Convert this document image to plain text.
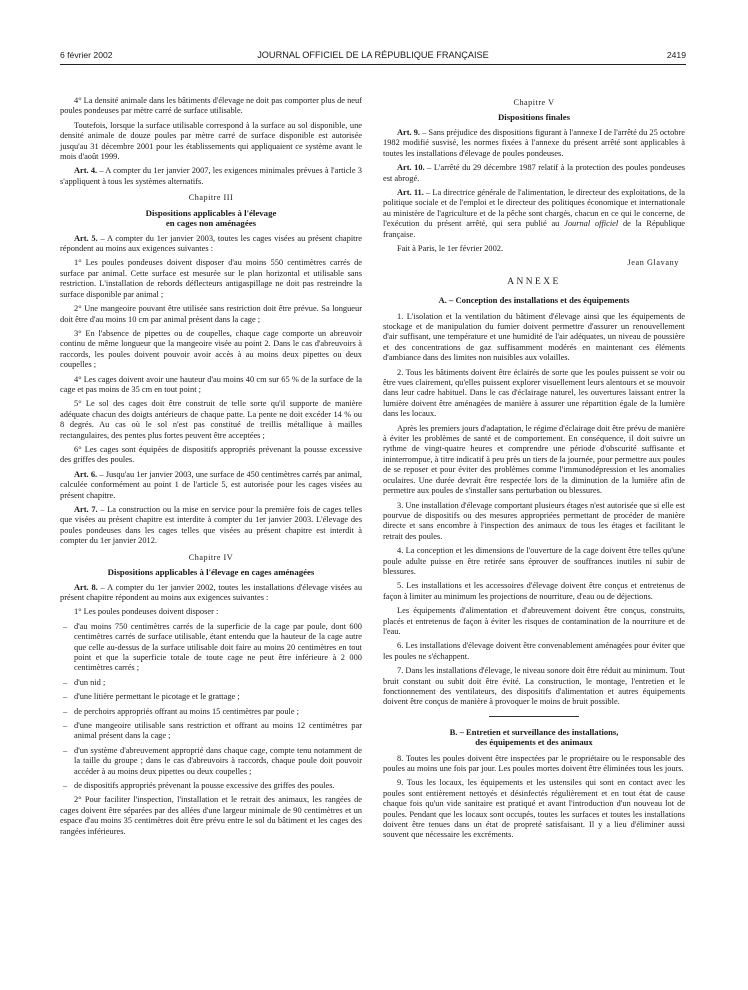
6 février 2002	JOURNAL OFFICIEL DE LA RÉPUBLIQUE FRANÇAISE	2419

4° La densité animale dans les bâtiments d'élevage ne doit pas comporter plus de neuf poules pondeuses par mètre carré de surface utilisable.

Toutefois, lorsque la surface utilisable correspond à la surface au sol disponible, une densité animale de douze poules par mètre carré de surface disponible est autorisée jusqu'au 31 décembre 2001 pour les établissements qui appliquaient ce système avant le mois d'août 1999.

Art. 4. – A compter du 1er janvier 2007, les exigences minimales prévues à l'article 3 s'appliquent à tous les systèmes alternatifs.

Chapitre III
Dispositions applicables à l'élevage
en cages non aménagées

Art. 5. – A compter du 1er janvier 2003, toutes les cages visées au présent chapitre répondent au moins aux exigences suivantes :

1° Les poules pondeuses doivent disposer d'au moins 550 centimètres carrés de surface par animal. Cette surface est mesurée sur le plan horizontal et utilisable sans restriction. L'installation de rebords déflecteurs antigaspillage ne doit pas restreindre la surface disponible par animal ;

2° Une mangeoire pouvant être utilisée sans restriction doit être prévue. Sa longueur doit être d'au moins 10 cm par animal présent dans la cage ;

3° En l'absence de pipettes ou de coupelles, chaque cage comporte un abreuvoir continu de même longueur que la mangeoire visée au point 2. Dans le cas d'abreuvoirs à raccords, les poules doivent pouvoir avoir accès à au moins deux pipettes ou deux coupelles ;

4° Les cages doivent avoir une hauteur d'au moins 40 cm sur 65 % de la surface de la cage et pas moins de 35 cm en tout point ;

5° Le sol des cages doit être construit de telle sorte qu'il supporte de manière adéquate chacun des doigts antérieurs de chaque patte. La pente ne doit excéder 14 % ou 8 degrés. Au cas où le sol n'est pas constitué de treillis métallique à mailles rectangulaires, des pentes plus fortes peuvent être acceptées ;

6° Les cages sont équipées de dispositifs appropriés prévenant la pousse excessive des griffes des poules.

Art. 6. – Jusqu'au 1er janvier 2003, une surface de 450 centimètres carrés par animal, calculée conformément au point 1 de l'article 5, est autorisée pour les cages visées au présent chapitre.

Art. 7. – La construction ou la mise en service pour la première fois de cages telles que visées au présent chapitre est interdite à compter du 1er janvier 2003. L'élevage des poules pondeuses dans les cages telles que visées au présent chapitre est interdit à compter du 1er janvier 2012.

Chapitre IV
Dispositions applicables à l'élevage en cages aménagées

Art. 8. – A compter du 1er janvier 2002, toutes les installations d'élevage visées au présent chapitre répondent au moins aux exigences suivantes :

1° Les poules pondeuses doivent disposer :

– d'au moins 750 centimètres carrés de la superficie de la cage par poule, dont 600 centimètres carrés de surface utilisable, étant entendu que la hauteur de la cage autre que celle au-dessus de la surface utilisable doit faire au moins 20 centimètres en tout point et que la superficie totale de toute cage ne peut être inférieure à 2 000 centimètres carrés ;

– d'un nid ;

– d'une litière permettant le picotage et le grattage ;

– de perchoirs appropriés offrant au moins 15 centimètres par poule ;

– d'une mangeoire utilisable sans restriction et offrant au moins 12 centimètres par animal présent dans la cage ;

– d'un système d'abreuvement approprié dans chaque cage, compte tenu notamment de la taille du groupe ; dans le cas d'abreuvoirs à raccords, chaque poule doit pouvoir accéder à au moins deux pipettes ou deux coupelles ;

– de dispositifs appropriés prévenant la pousse excessive des griffes des poules.

2° Pour faciliter l'inspection, l'installation et le retrait des animaux, les rangées de cages doivent être séparées par des allées d'une largeur minimale de 90 centimètres et un espace d'au moins 35 centimètres doit être prévu entre le sol du bâtiment et les cages des rangées inférieures.

Chapitre V
Dispositions finales

Art. 9. – Sans préjudice des dispositions figurant à l'annexe I de l'arrêté du 25 octobre 1982 modifié susvisé, les normes fixées à l'annexe du présent arrêté sont applicables à toutes les installations d'élevage de poules pondeuses.

Art. 10. – L'arrêté du 29 décembre 1987 relatif à la protection des poules pondeuses est abrogé.

Art. 11. – La directrice générale de l'alimentation, le directeur des exploitations, de la politique sociale et de l'emploi et le directeur des politiques économique et internationale au ministère de l'agriculture et de la pêche sont chargés, chacun en ce qui le concerne, de l'exécution du présent arrêté, qui sera publié au Journal officiel de la République française.

Fait à Paris, le 1er février 2002.

Jean Glavany
ANNEXE
A. – Conception des installations et des équipements

1. L'isolation et la ventilation du bâtiment d'élevage ainsi que les équipements de stockage et de manipulation du fumier doivent permettre d'assurer un renouvellement d'air suffisant, une température et une humidité de l'air adéquates, un niveau de poussière et des concentrations de gaz suffisamment modérés en maintenant ces éléments d'ambiance dans des limites non nuisibles aux volailles.

2. Tous les bâtiments doivent être éclairés de sorte que les poules puissent se voir ou être vues clairement, qu'elles puissent explorer visuellement leurs alentours et se mouvoir dans leur cadre habituel. Dans le cas d'éclairage naturel, les ouvertures laissant entrer la lumière doivent être aménagées de manière à assurer une répartition égale de la lumière dans les locaux.

Après les premiers jours d'adaptation, le régime d'éclairage doit être prévu de manière à éviter les problèmes de santé et de comportement. En conséquence, il doit suivre un rythme de vingt-quatre heures et comprendre une période d'obscurité suffisante et ininterrompue, à titre indicatif à peu près un tiers de la journée, pour permettre aux poules de se reposer et pour éviter des problèmes comme l'immunodépression et les anomalies oculaires. Une durée devrait être respectée lors de la diminution de la lumière afin de permettre aux poules de s'installer sans perturbation ou blessures.

3. Une installation d'élevage comportant plusieurs étages n'est autorisée que si elle est pourvue de dispositifs ou des mesures appropriées permettant de procéder de manière directe et sans encombre à l'inspection des animaux de tous les étages et facilitant le retrait des poules.

4. La conception et les dimensions de l'ouverture de la cage doivent être telles qu'une poule adulte puisse en être retirée sans éprouver de souffrances inutiles ni subir de blessures.

5. Les installations et les accessoires d'élevage doivent être conçus et entretenus de façon à limiter au minimum les projections de nourriture, d'eau ou de déjections.

Les équipements d'alimentation et d'abreuvement doivent être conçus, construits, placés et entretenus de façon à éviter les risques de contamination de la nourriture et de l'eau.

6. Les installations d'élevage doivent être convenablement aménagées pour éviter que les poules ne s'échappent.

7. Dans les installations d'élevage, le niveau sonore doit être réduit au minimum. Tout bruit constant ou subit doit être évité. La construction, le montage, l'entretien et le fonctionnement des ventilateurs, des dispositifs d'alimentation et autres équipements doivent être conçus de manière à provoquer le moins de bruit possible.

B. – Entretien et surveillance des installations,
des équipements et des animaux

8. Toutes les poules doivent être inspectées par le propriétaire ou le responsable des poules au moins une fois par jour. Les poules mortes doivent être éliminées tous les jours.

9. Tous les locaux, les équipements et les ustensiles qui sont en contact avec les poules sont entièrement nettoyés et désinfectés régulièrement et en tout état de cause chaque fois qu'un vide sanitaire est pratiqué et avant l'introduction d'un nouveau lot de poules. Pendant que les locaux sont occupés, toutes les surfaces et toutes les installations doivent être tenues dans un état de propreté satisfaisant. Il y a lieu d'éliminer aussi souvent que nécessaire les excréments.
